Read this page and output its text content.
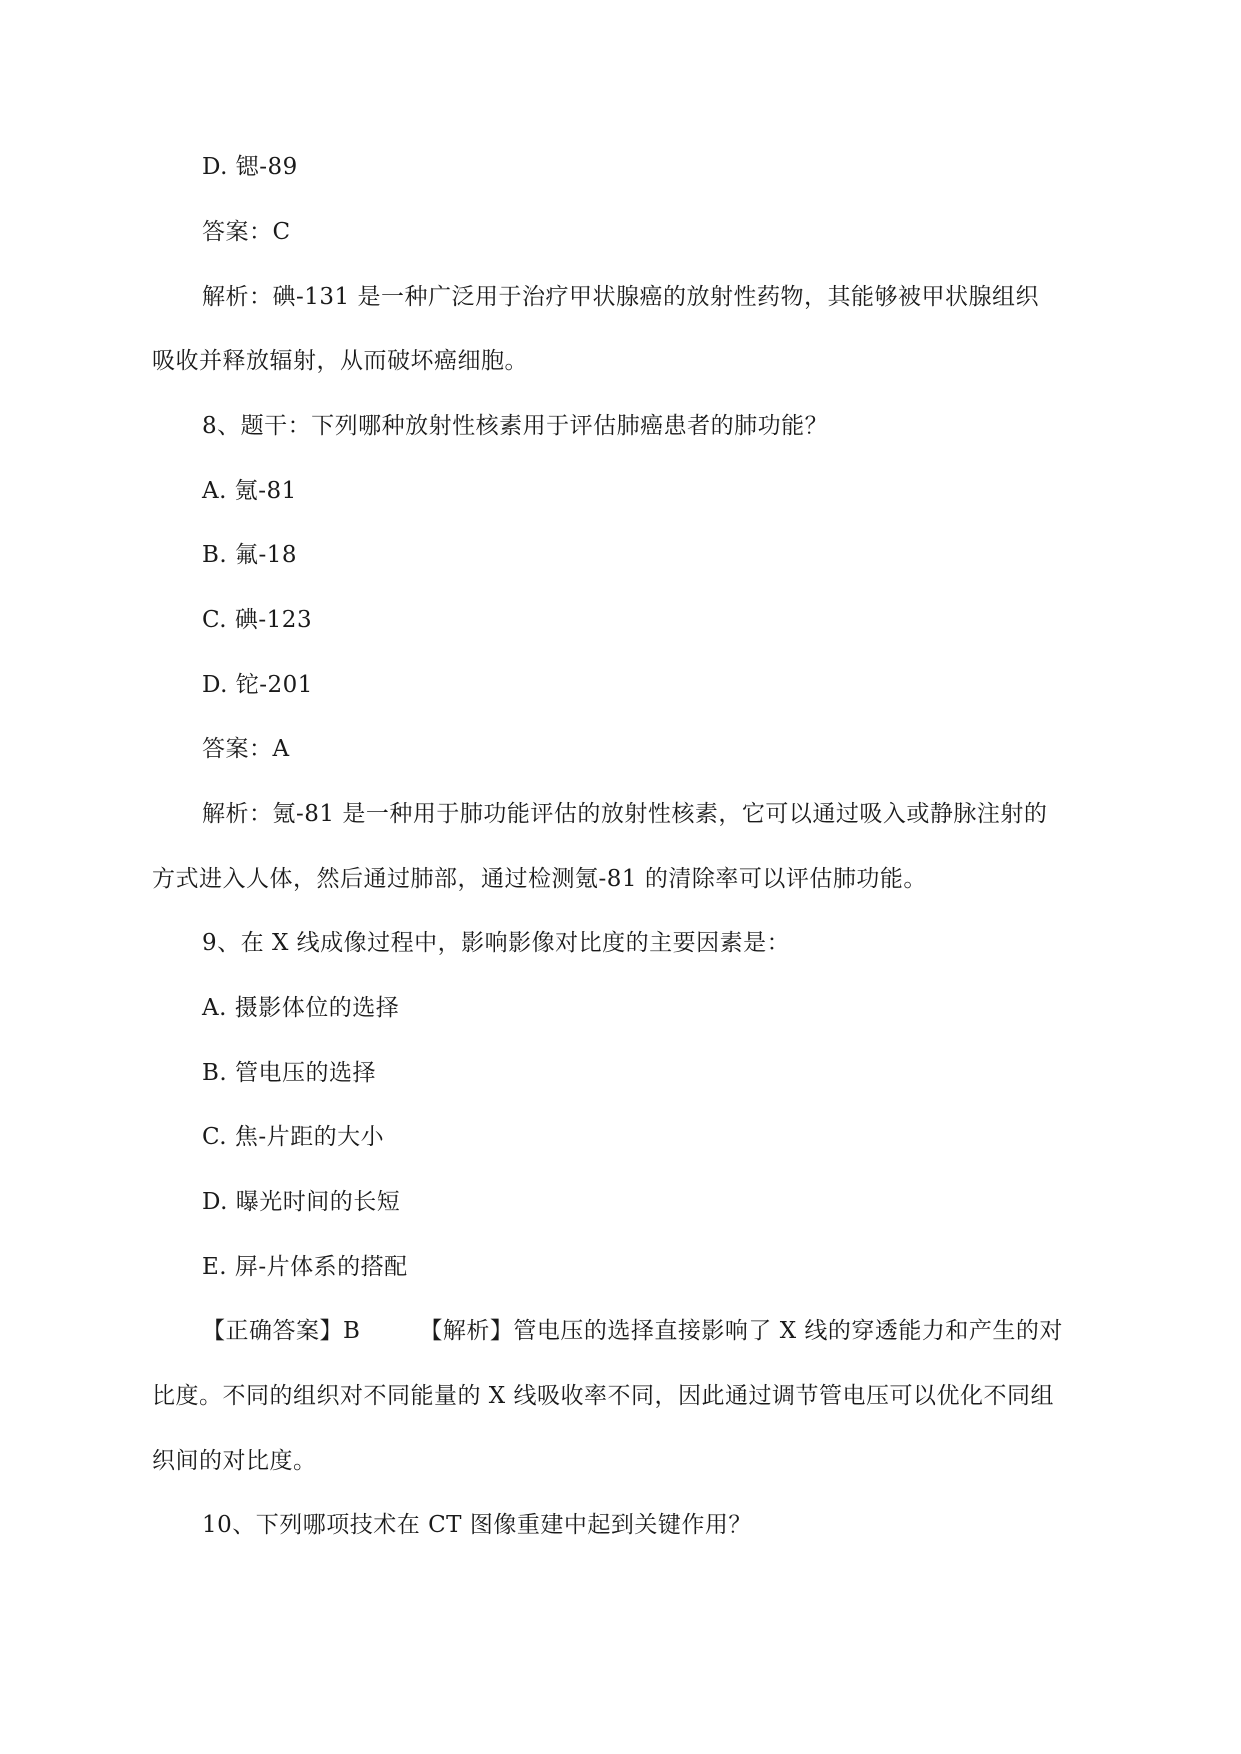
D. 锶-89
答案：C
解析：碘-131 是一种广泛用于治疗甲状腺癌的放射性药物，其能够被甲状腺组织
吸收并释放辐射，从而破坏癌细胞。
8、题干：下列哪种放射性核素用于评估肺癌患者的肺功能？
A. 氪-81
B. 氟-18
C. 碘-123
D. 铊-201
答案：A
解析：氪-81 是一种用于肺功能评估的放射性核素，它可以通过吸入或静脉注射的
方式进入人体，然后通过肺部，通过检测氪-81 的清除率可以评估肺功能。
9、在 X 线成像过程中，影响影像对比度的主要因素是：
A. 摄影体位的选择
B. 管电压的选择
C. 焦-片距的大小
D. 曝光时间的长短
E. 屏-片体系的搭配
【正确答案】B　　　【解析】管电压的选择直接影响了 X 线的穿透能力和产生的对
比度。不同的组织对不同能量的 X 线吸收率不同，因此通过调节管电压可以优化不同组
织间的对比度。
10、下列哪项技术在 CT 图像重建中起到关键作用？
